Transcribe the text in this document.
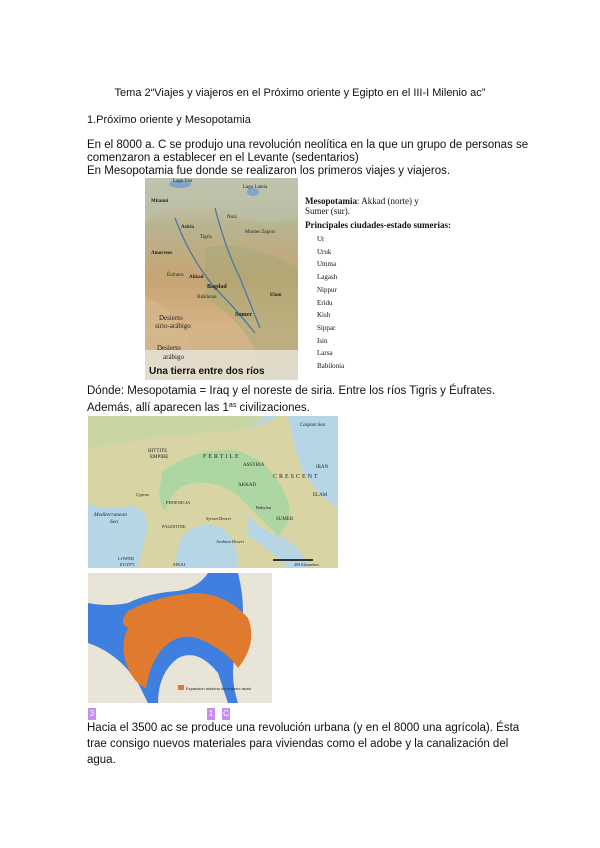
Tema 2“Viajes y viajeros en el Próximo oriente y Egipto en el III-I Milenio ac”
1.Próximo oriente y Mesopotamia
En el 8000 a. C se produjo una revolución neolítica en la que un grupo de personas se
comenzaron a establecer en el Levante (sedentarios)
En Mesopotamia fue donde se realizaron los primeros viajes y viajeros.
Lago Van
Lago Lamia
Mitanni
Nuzi
Asiria
Tigris
Amorreos
Éufrates Akkad
Bagdad
Babilonia
Sumer
Montes Zagros
Elam
Desierto
sirio-arábigo
Desierto
arábigo
Una tierra entre dos ríos
Mesopotamia: Akkad (norte) y
Sumer (sur).
Principales ciudades-estado sumerias:
Ur
Uruk
Umma
Lagash
Nippur
Eridu
Kish
Sippar
Isin
Larsa
Babilonia
Dónde: Mesopotamia = Iraq y el noreste de siria. Entre los ríos Tigris y Éufrates.
Además, allí aparecen las $1^{as}$ civilizaciones.
Caspian Sea
HITTITE
EMPIRE
ASSYRIA
FERTILE
CRESCENT
AKKAD
IRAN
ELAM
Cyprus
PHOENICIA
Mediterranean
Sea
PALESTINE
Syrian Desert
Arabian Desert
SUMER
Babylon
LOWER
EGYPT	SINAI	400 Kilometers
Expansión máxima del imperio asirio
3	1 C
Hacia el 3500 ac se produce una revolución urbana (y en el 8000 una agrícola). Ésta
trae consigo nuevos materiales para viviendas como el adobe y la canalización del
agua.
